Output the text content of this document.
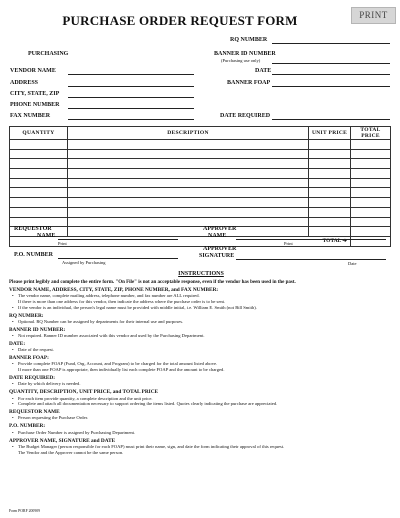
PURCHASE ORDER REQUEST FORM	PRINT
RQ NUMBER
PURCHASING	BANNER ID NUMBER
(Purchasing use only)
VENDOR NAME	DATE
ADDRESS	BANNER FOAP
CITY, STATE, ZIP
PHONE NUMBER
FAX NUMBER	DATE REQUIRED
QUANTITY	DESCRIPTION	UNIT PRICE	TOTAL PRICE

TOTAL ➔			
REQUESTOR
NAME
Print
APPROVER
NAME
Print
P.O. NUMBER
Assigned by Purchasing
APPROVER
SIGNATURE
Date
INSTRUCTIONS
Please print legibly and complete the entire form. "On File" is not an acceptable response, even if the vendor has been used in the past.
VENDOR NAME, ADDRESS, CITY, STATE, ZIP, PHONE NUMBER, and FAX NUMBER:
• The vendor name, complete mailing address, telephone number, and fax number are ALL required.
If there is more than one address for this vendor, then indicate the address where the purchase order is to be sent.
• If the vendor is an individual, the person's legal name must be provided with middle initial, i.e. William E. Smith (not Bill Smith).
RQ NUMBER:
• Optional. RQ Number can be assigned by departments for their internal use and purposes.
BANNER ID NUMBER:
• Not required. Banner ID number associated with this vendor and used by the Purchasing Department.
DATE:
• Date of the request.
BANNER FOAP:
• Provide complete FOAP (Fund, Org, Account, and Program) to be charged for the total amount listed above.
If more than one FOAP is appropriate, then individually list each complete FOAP and the amount to be charged.
DATE REQUIRED:
• Date by which delivery is needed.
QUANTITY, DESCRIPTION, UNIT PRICE, and TOTAL PRICE
• For each item provide quantity, a complete description and the unit price.
• Complete and attach all documentation necessary to support ordering the items listed. Quotes clearly indicating the purchase are appreciated.
REQUESTOR NAME
• Person requesting the Purchase Order.
P.O. NUMBER:
• Purchase Order Number is assigned by Purchasing Department.
APPROVER NAME, SIGNATURE and DATE
• The Budget Manager (person responsible for each FOAP) must print their name, sign, and date the form indicating their approval of this request.
The Vendor and the Approver cannot be the same person.
Form PORF 200909
